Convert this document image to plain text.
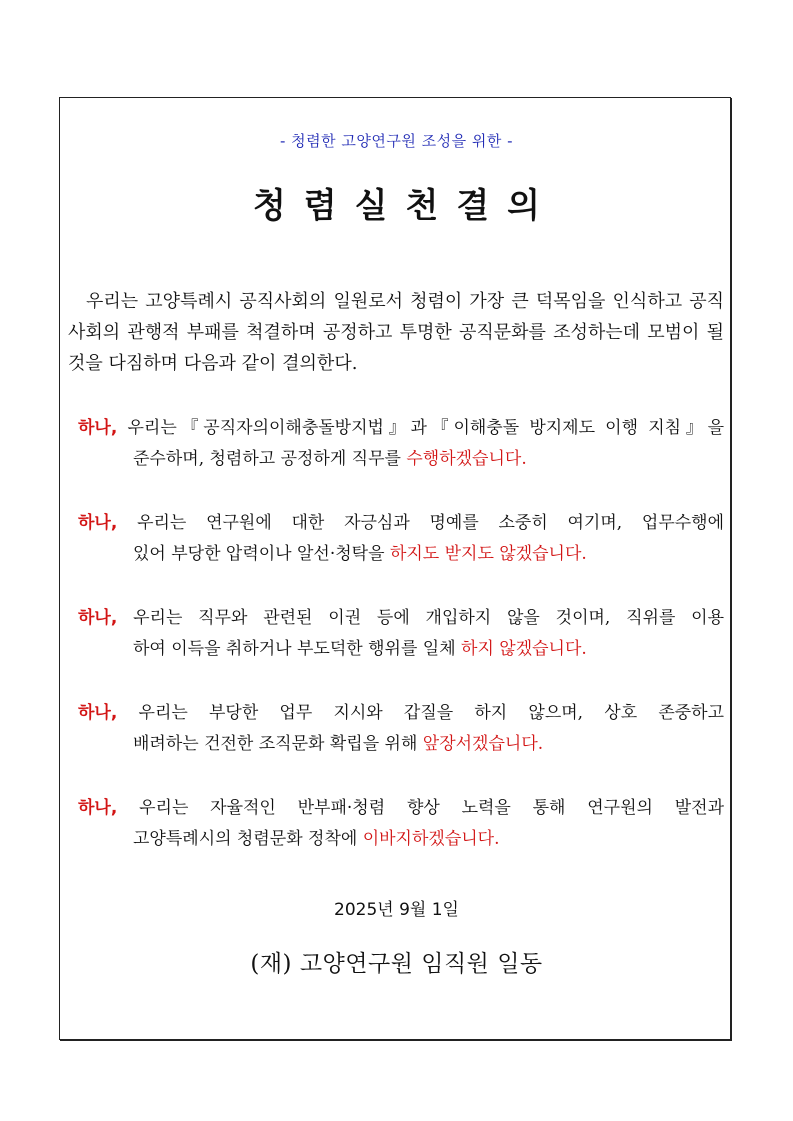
- 청렴한 고양연구원 조성을 위한 -
청렴실천결의
우리는 고양특례시 공직사회의 일원로서 청렴이 가장 큰 덕목임을 인식하고 공직사회의 관행적 부패를 척결하며 공정하고 투명한 공직문화를 조성하는데 모범이 될 것을 다짐하며 다음과 같이 결의한다.
하나, 우리는『공직자의이해충돌방지법』과『이해충돌 방지제도 이행 지침』을
준수하며, 청렴하고 공정하게 직무를 수행하겠습니다.
하나, 우리는 연구원에 대한 자긍심과 명예를 소중히 여기며, 업무수행에
있어 부당한 압력이나 알선·청탁을 하지도 받지도 않겠습니다.
하나, 우리는 직무와 관련된 이권 등에 개입하지 않을 것이며, 직위를 이용
하여 이득을 취하거나 부도덕한 행위를 일체 하지 않겠습니다.
하나, 우리는 부당한 업무 지시와 갑질을 하지 않으며, 상호 존중하고
배려하는 건전한 조직문화 확립을 위해 앞장서겠습니다.
하나, 우리는 자율적인 반부패·청렴 향상 노력을 통해 연구원의 발전과
고양특례시의 청렴문화 정착에 이바지하겠습니다.
2025년 9월 1일
(재) 고양연구원 임직원 일동
